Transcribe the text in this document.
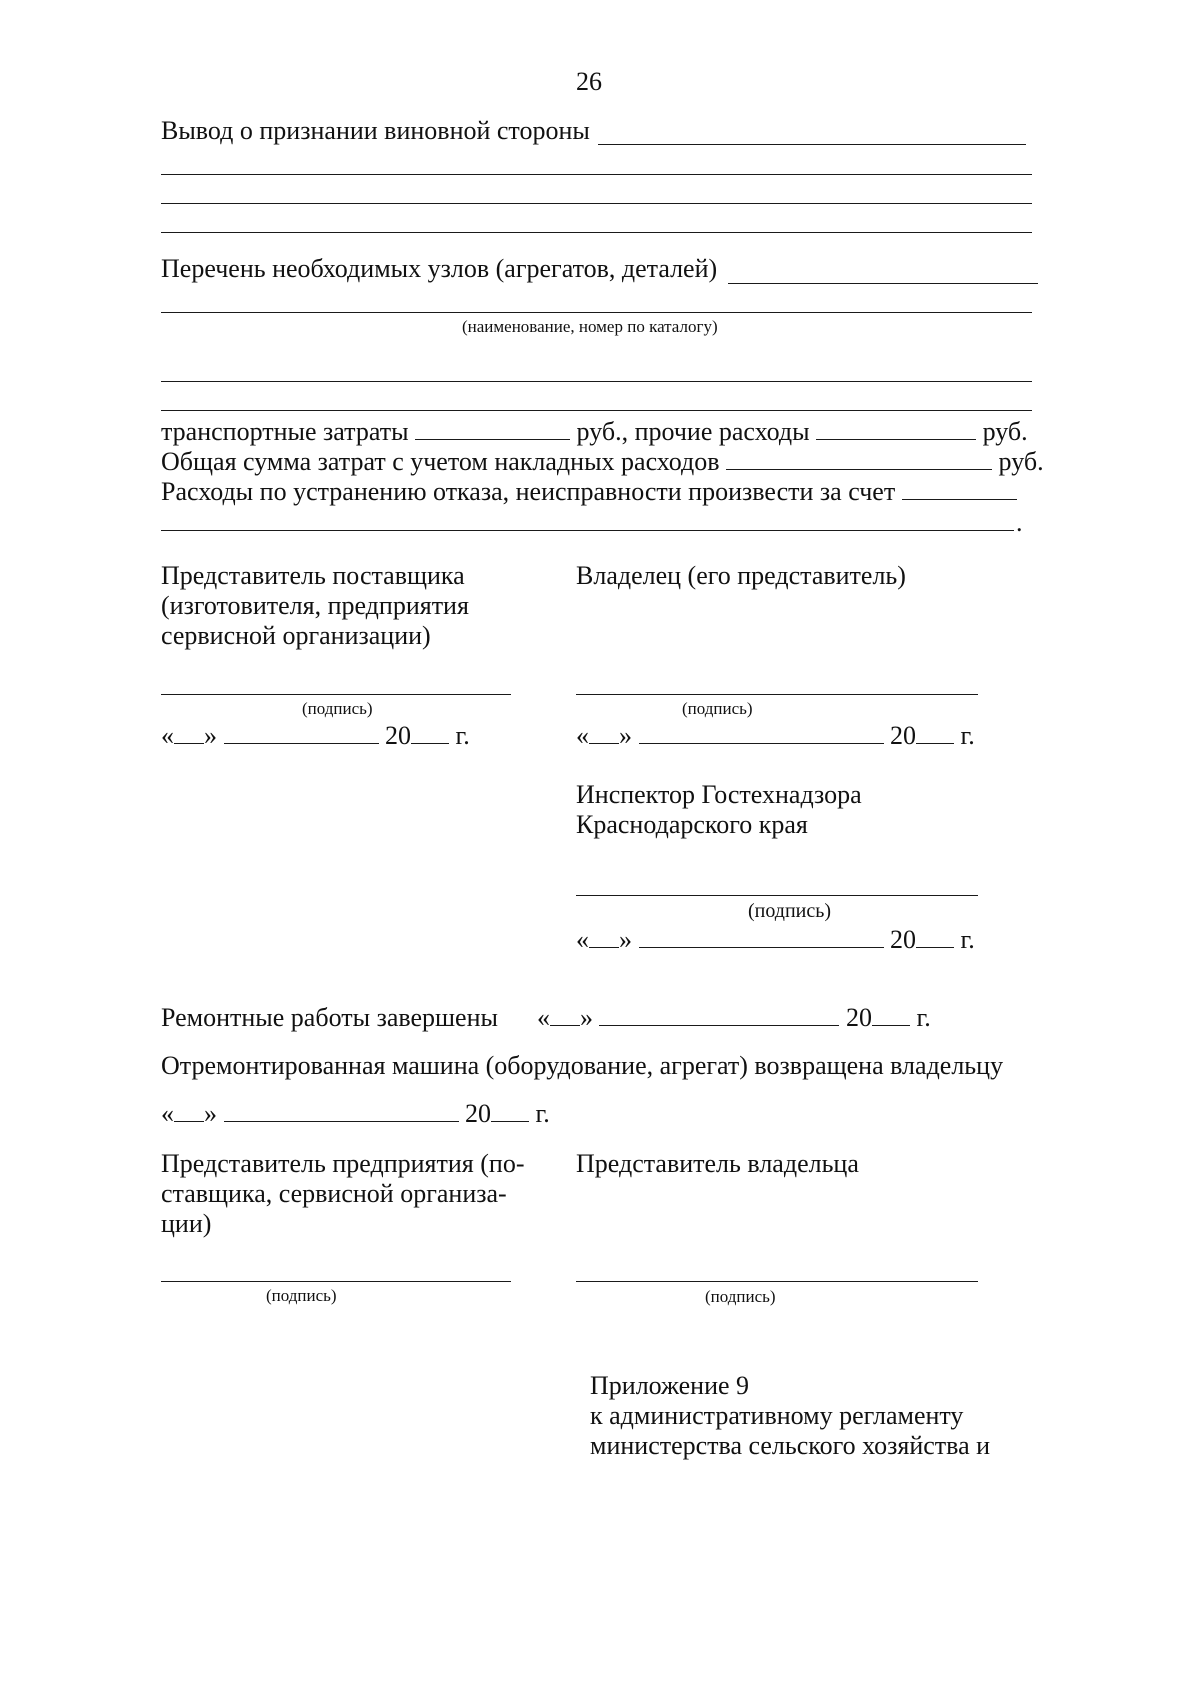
26
Вывод о признании виновной стороны
Перечень необходимых узлов (агрегатов, деталей)
(наименование, номер по каталогу)
транспортные затраты	руб., прочие расходы	руб.
Общая сумма затрат с учетом накладных расходов	руб.
Расходы по устранению отказа, неисправности произвести за счет
.
Представитель поставщика
(изготовителя, предприятия
сервисной организации)
Владелец (его представитель)
(подпись)	(подпись)
« »	20 г.	« »	20 г.
Инспектор Гостехнадзора
Краснодарского края
(подпись)
« »	20 г.
Ремонтные работы завершены « »	20 г.
Отремонтированная машина (оборудование, агрегат) возвращена владельцу
« »	20 г.
Представитель предприятия (по-
ставщика, сервисной организа-
ции)
Представитель владельца
(подпись)	(подпись)
Приложение 9
к административному регламенту
министерства сельского хозяйства и
